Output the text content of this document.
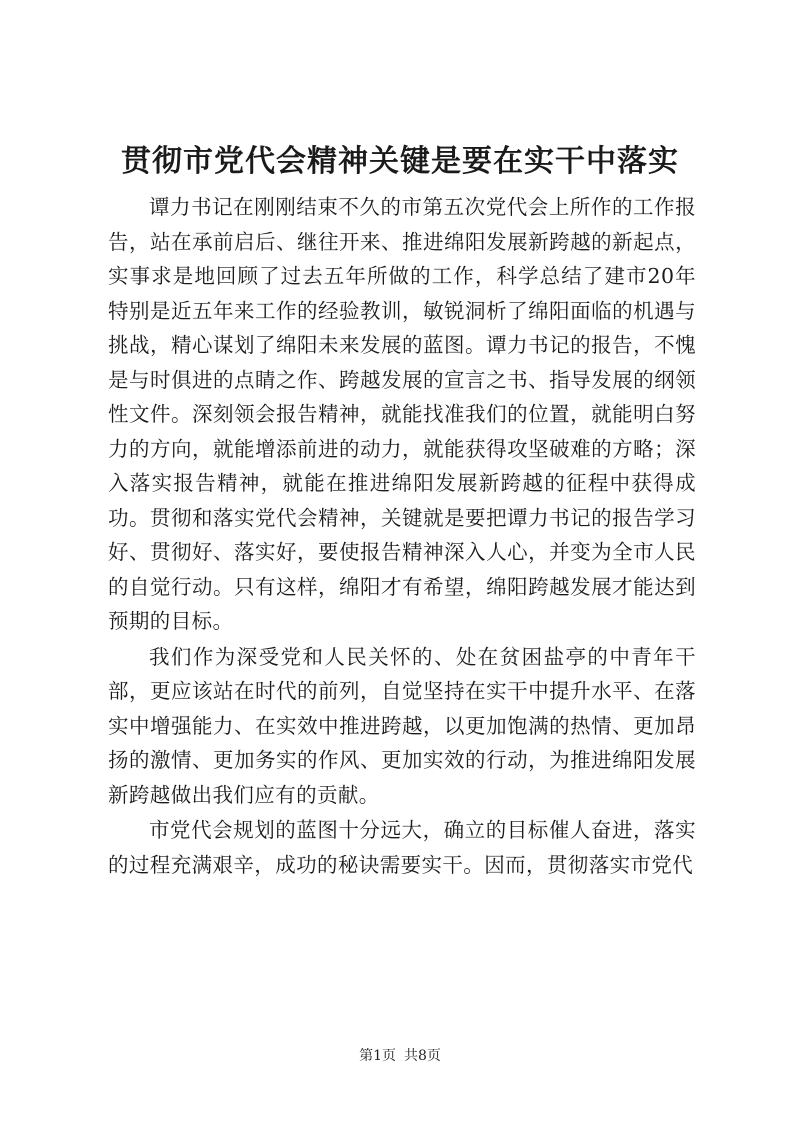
贯彻市党代会精神关键是要在实干中落实

谭力书记在刚刚结束不久的市第五次党代会上所作的工作报告，站在承前启后、继往开来、推进绵阳发展新跨越的新起点，实事求是地回顾了过去五年所做的工作，科学总结了建市20年特别是近五年来工作的经验教训，敏锐洞析了绵阳面临的机遇与挑战，精心谋划了绵阳未来发展的蓝图。谭力书记的报告，不愧是与时俱进的点睛之作、跨越发展的宣言之书、指导发展的纲领性文件。深刻领会报告精神，就能找准我们的位置，就能明白努力的方向，就能增添前进的动力，就能获得攻坚破难的方略；深入落实报告精神，就能在推进绵阳发展新跨越的征程中获得成功。贯彻和落实党代会精神，关键就是要把谭力书记的报告学习好、贯彻好、落实好，要使报告精神深入人心，并变为全市人民的自觉行动。只有这样，绵阳才有希望，绵阳跨越发展才能达到预期的目标。

我们作为深受党和人民关怀的、处在贫困盐亭的中青年干部，更应该站在时代的前列，自觉坚持在实干中提升水平、在落实中增强能力、在实效中推进跨越，以更加饱满的热情、更加昂扬的激情、更加务实的作风、更加实效的行动，为推进绵阳发展新跨越做出我们应有的贡献。

市党代会规划的蓝图十分远大，确立的目标催人奋进，落实的过程充满艰辛，成功的秘诀需要实干。因而，贯彻落实市党代

第1页 共8页
